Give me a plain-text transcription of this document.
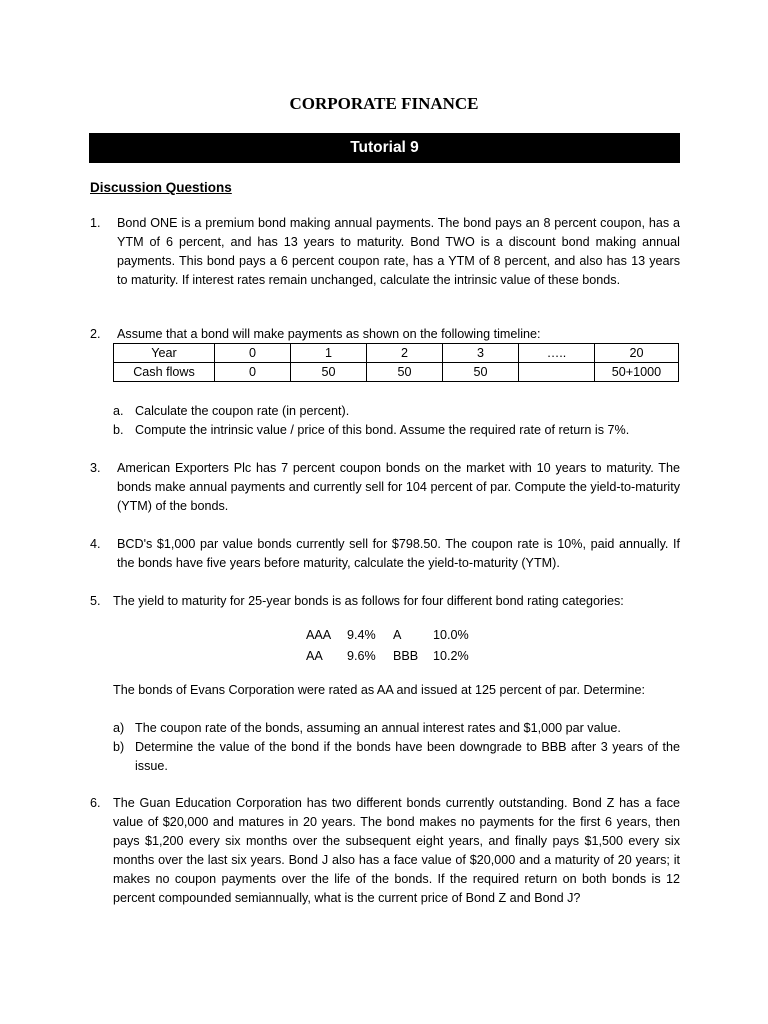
CORPORATE FINANCE
Tutorial 9
Discussion Questions
1. Bond ONE is a premium bond making annual payments. The bond pays an 8 percent coupon, has a YTM of 6 percent, and has 13 years to maturity. Bond TWO is a discount bond making annual payments. This bond pays a 6 percent coupon rate, has a YTM of 8 percent, and also has 13 years to maturity. If interest rates remain unchanged, calculate the intrinsic value of these bonds.
2. Assume that a bond will make payments as shown on the following timeline:
Year	0	1	2	3	…..	20
Cash flows	0	50	50	50		50+1000
a. Calculate the coupon rate (in percent).
b. Compute the intrinsic value / price of this bond. Assume the required rate of return is 7%.
3. American Exporters Plc has 7 percent coupon bonds on the market with 10 years to maturity. The bonds make annual payments and currently sell for 104 percent of par. Compute the yield-to-maturity (YTM) of the bonds.
4. BCD's $1,000 par value bonds currently sell for $798.50. The coupon rate is 10%, paid annually. If the bonds have five years before maturity, calculate the yield-to-maturity (YTM).
5. The yield to maturity for 25-year bonds is as follows for four different bond rating categories:
AAA	9.4%	A	10.0%
AA	9.6%	BBB	10.2%
The bonds of Evans Corporation were rated as AA and issued at 125 percent of par. Determine:
a) The coupon rate of the bonds, assuming an annual interest rates and $1,000 par value.
b) Determine the value of the bond if the bonds have been downgrade to BBB after 3 years of the issue.
6. The Guan Education Corporation has two different bonds currently outstanding. Bond Z has a face value of $20,000 and matures in 20 years. The bond makes no payments for the first 6 years, then pays $1,200 every six months over the subsequent eight years, and finally pays $1,500 every six months over the last six years. Bond J also has a face value of $20,000 and a maturity of 20 years; it makes no coupon payments over the life of the bonds. If the required return on both bonds is 12 percent compounded semiannually, what is the current price of Bond Z and Bond J?
